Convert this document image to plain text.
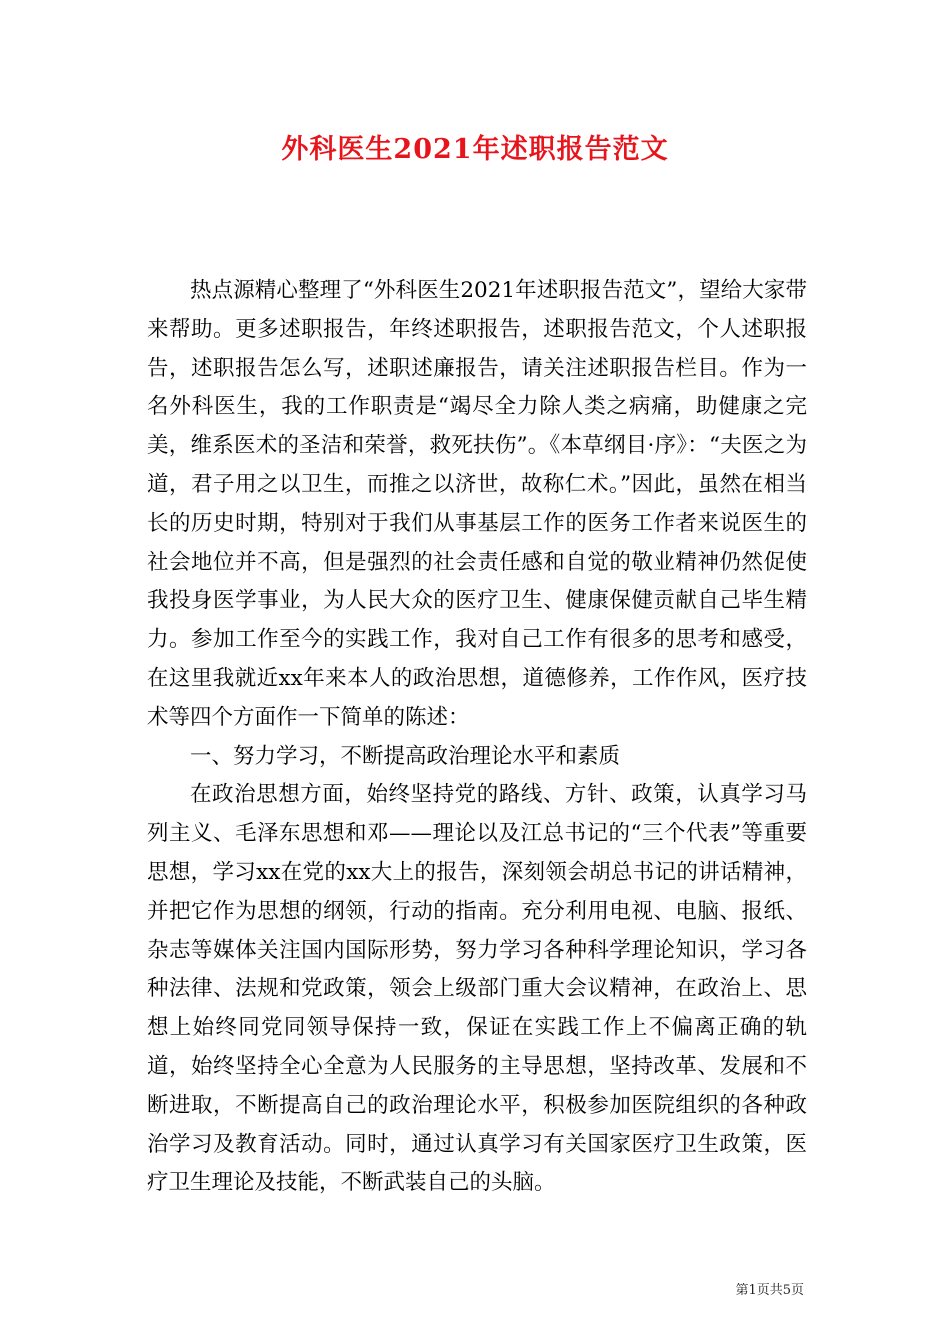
外科医生2021年述职报告范文

热点源精心整理了“外科医生2021年述职报告范文”，望给大家带来帮助。更多述职报告，年终述职报告，述职报告范文，个人述职报告，述职报告怎么写，述职述廉报告，请关注述职报告栏目。作为一名外科医生，我的工作职责是“竭尽全力除人类之病痛，助健康之完美，维系医术的圣洁和荣誉，救死扶伤”。《本草纲目·序》：“夫医之为道，君子用之以卫生，而推之以济世，故称仁术。”因此，虽然在相当长的历史时期，特别对于我们从事基层工作的医务工作者来说医生的社会地位并不高，但是强烈的社会责任感和自觉的敬业精神仍然促使我投身医学事业，为人民大众的医疗卫生、健康保健贡献自己毕生精力。参加工作至今的实践工作，我对自己工作有很多的思考和感受，在这里我就近xx年来本人的政治思想，道德修养，工作作风，医疗技术等四个方面作一下简单的陈述：

一、努力学习，不断提高政治理论水平和素质

在政治思想方面，始终坚持党的路线、方针、政策，认真学习马列主义、毛泽东思想和邓——理论以及江总书记的“三个代表”等重要思想，学习xx在党的xx大上的报告，深刻领会胡总书记的讲话精神，并把它作为思想的纲领，行动的指南。充分利用电视、电脑、报纸、杂志等媒体关注国内国际形势，努力学习各种科学理论知识，学习各种法律、法规和党政策，领会上级部门重大会议精神，在政治上、思想上始终同党同领导保持一致，保证在实践工作上不偏离正确的轨道，始终坚持全心全意为人民服务的主导思想，坚持改革、发展和不断进取，不断提高自己的政治理论水平，积极参加医院组织的各种政治学习及教育活动。同时，通过认真学习有关国家医疗卫生政策，医疗卫生理论及技能，不断武装自己的头脑。

第1页共5页
